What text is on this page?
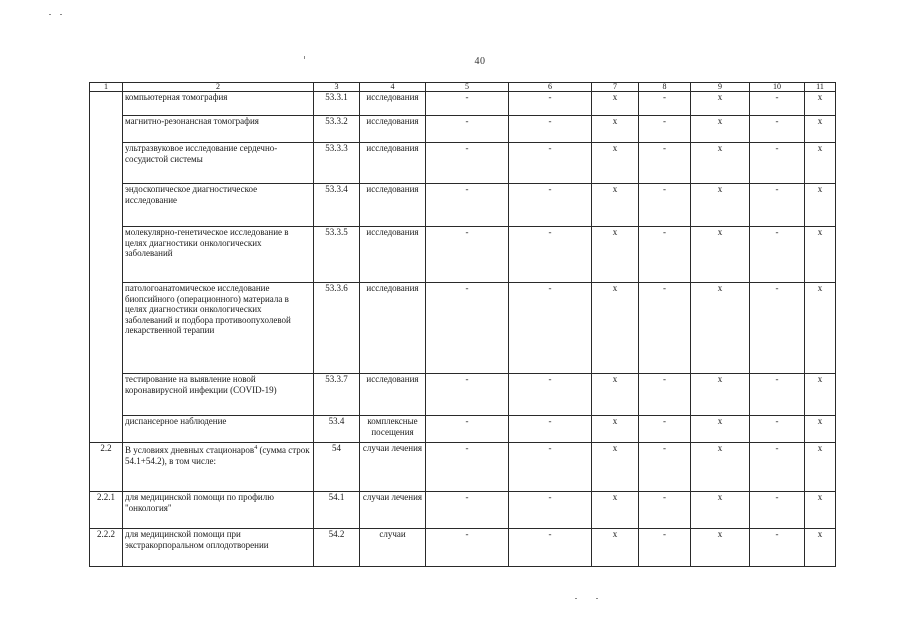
40
1	2	3	4	5	6	7	8	9	10	11
	компьютерная томография	53.3.1	исследования	-	-	x	-	x	-	x
	магнитно-резонансная томография	53.3.2	исследования	-	-	x	-	x	-	x
	ультразвуковое исследование сердечно-сосудистой системы	53.3.3	исследования	-	-	x	-	x	-	x
	эндоскопическое диагностическое исследование	53.3.4	исследования	-	-	x	-	x	-	x
	молекулярно-генетическое исследование в целях диагностики онкологических заболеваний	53.3.5	исследования	-	-	x	-	x	-	x
	патологоанатомическое исследование биопсийного (операционного) материала в целях диагностики онкологических заболеваний и подбора противоопухолевой лекарственной терапии	53.3.6	исследования	-	-	x	-	x	-	x
	тестирование на выявление новой коронавирусной инфекции (COVID-19)	53.3.7	исследования	-	-	x	-	x	-	x
	диспансерное наблюдение	53.4	комплексные посещения	-	-	x	-	x	-	x
2.2	В условиях дневных стационаров$^4$ (сумма строк 54.1+54.2), в том числе:	54	случаи лечения	-	-	x	-	x	-	x
2.2.1	для медицинской помощи по профилю "онкология"	54.1	случаи лечения	-	-	x	-	x	-	x
2.2.2	для медицинской помощи при экстракорпоральном оплодотворении	54.2	случаи	-	-	x	-	x	-	x
